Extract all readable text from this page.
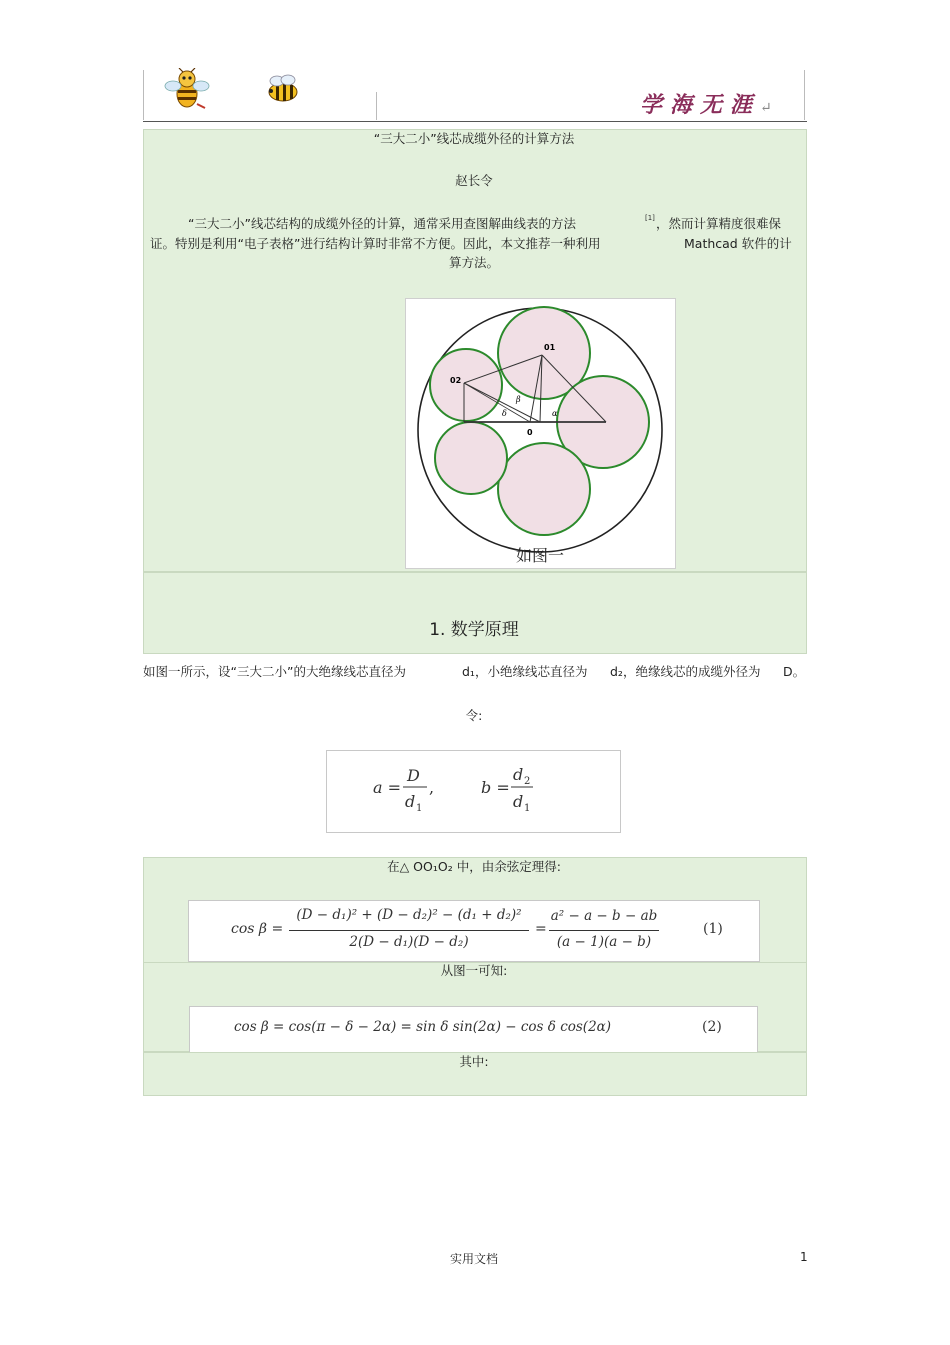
学海无涯↵
“三大二小”线芯成缆外径的计算方法
赵长令
“三大二小”线芯结构的成缆外径的计算，通常采用查图解曲线表的方法	[1] ，然而计算精度很难保
证。特别是利用“电子表格”进行结构计算时非常不方便。因此，本文推荐一种利用	Mathcad 软件的计
算方法。
01
02
0
δ
β
α
如图一
1. 数学原理
如图一所示，设“三大二小”的大绝缘线芯直径为	d₁，小绝缘线芯直径为 d₂，绝缘线芯的成缆外径为 D。
令:
a =
D
d 1
,	b =
d 2
d 1
在△ OO₁O₂ 中，由余弦定理得:
cos β =
(D − d₁)² + (D − d₂)² − (d₁ + d₂)²
2(D − d₁)(D − d₂)
=
a² − a − b − ab
(a − 1)(a − b)
(1)
从图一可知:
cos β = cos(π − δ − 2α) = sin δ sin(2α) − cos δ cos(2α)	(2)
其中:
实用文档	1
